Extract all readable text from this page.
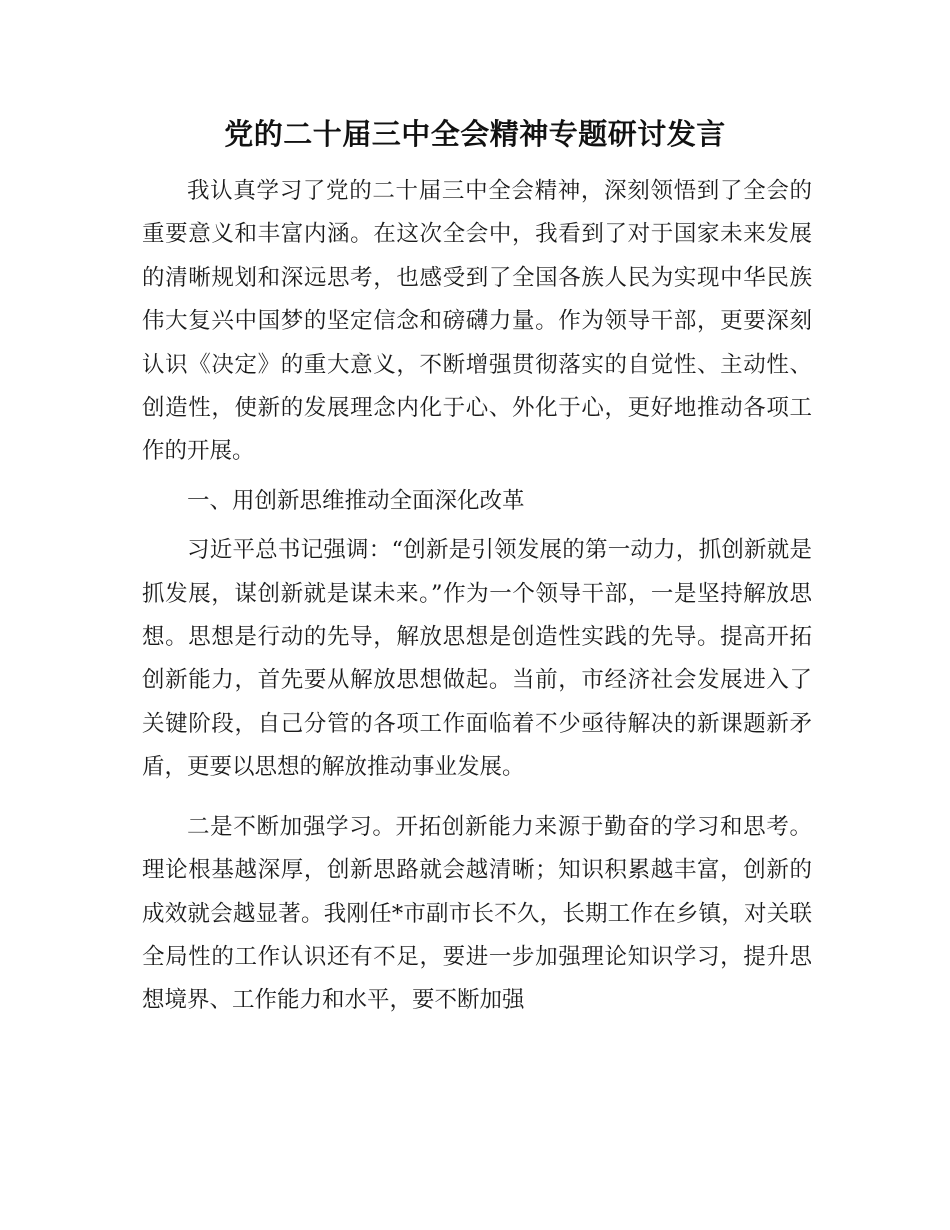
党的二十届三中全会精神专题研讨发言

我认真学习了党的二十届三中全会精神，深刻领悟到了全会的重要意义和丰富内涵。在这次全会中，我看到了对于国家未来发展的清晰规划和深远思考，也感受到了全国各族人民为实现中华民族伟大复兴中国梦的坚定信念和磅礴力量。作为领导干部，更要深刻认识《决定》的重大意义，不断增强贯彻落实的自觉性、主动性、创造性，使新的发展理念内化于心、外化于心，更好地推动各项工作的开展。

一、用创新思维推动全面深化改革

习近平总书记强调：“创新是引领发展的第一动力，抓创新就是抓发展，谋创新就是谋未来。”作为一个领导干部，一是坚持解放思想。思想是行动的先导，解放思想是创造性实践的先导。提高开拓创新能力，首先要从解放思想做起。当前，市经济社会发展进入了关键阶段，自己分管的各项工作面临着不少亟待解决的新课题新矛盾，更要以思想的解放推动事业发展。

二是不断加强学习。开拓创新能力来源于勤奋的学习和思考。理论根基越深厚，创新思路就会越清晰；知识积累越丰富，创新的成效就会越显著。我刚任*市副市长不久，长期工作在乡镇，对关联全局性的工作认识还有不足，要进一步加强理论知识学习，提升思想境界、工作能力和水平，要不断加强
